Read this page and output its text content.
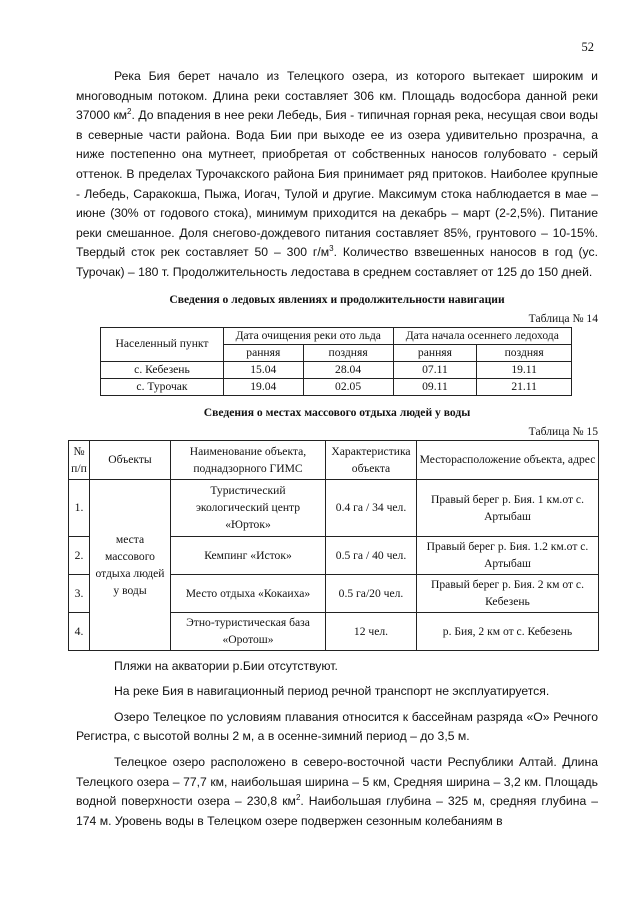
52

Река Бия берет начало из Телецкого озера, из которого вытекает широким и многоводным потоком. Длина реки составляет 306 км. Площадь водосбора данной реки 37000 $км^2$. До впадения в нее реки Лебедь, Бия - типичная горная река, несущая свои воды в северные части района. Вода Бии при выходе ее из озера удивительно прозрачна, а ниже постепенно она мутнеет, приобретая от собственных наносов голубовато - серый оттенок. В пределах Турочакского района Бия принимает ряд притоков. Наиболее крупные - Лебедь, Саракокша, Пыжа, Иогач, Тулой и другие. Максимум стока наблюдается в мае – июне (30% от годового стока), минимум приходится на декабрь – март (2-2,5%). Питание реки смешанное. Доля снегово-дождевого питания составляет 85%, грунтового – 10-15%. Твердый сток рек составляет 50 – 300 $г/м^3$. Количество взвешенных наносов в год (ус. Турочак) – 180 т. Продолжительность ледостава в среднем составляет от 125 до 150 дней.

Сведения о ледовых явлениях и продолжительности навигации

Таблица № 14

Населенный пункт	Дата очищения реки ото льда		Дата начала осеннего ледохода	
	ранняя	поздняя	ранняя	поздняя
с. Кебезень	15.04	28.04	07.11	19.11
с. Турочак	19.04	02.05	09.11	21.11

Сведения о местах массового отдыха людей у воды

Таблица № 15

№ п/п	Объекты	Наименование объекта, поднадзорного ГИМС	Характеристика объекта	Месторасположение объекта, адрес
1.	места массового отдыха людей у воды	Туристический экологический центр «Юрток»	0.4 га / 34 чел.	Правый берег р. Бия. 1 км.от с. Артыбаш
2.		Кемпинг «Исток»	0.5 га / 40 чел.	Правый берег р. Бия. 1.2 км.от с. Артыбаш
3.		Место отдыха «Кокаиха»	0.5 га/20 чел.	Правый берег р. Бия. 2 км от с. Кебезень
4.		Этно-туристическая база «Оротош»	12 чел.	р. Бия, 2 км от с. Кебезень

Пляжи на акватории р.Бии отсутствуют.

На реке Бия в навигационный период речной транспорт не эксплуатируется.

Озеро Телецкое по условиям плавания относится к бассейнам разряда «О» Речного Регистра, с высотой волны 2 м, а в осенне-зимний период – до 3,5 м.

Телецкое озеро расположено в северо-восточной части Республики Алтай. Длина Телецкого озера – 77,7 км, наибольшая ширина – 5 км, Средняя ширина – 3,2 км. Площадь водной поверхности озера – 230,8 $км^2$. Наибольшая глубина – 325 м, средняя глубина – 174 м. Уровень воды в Телецком озере подвержен сезонным колебаниям в
